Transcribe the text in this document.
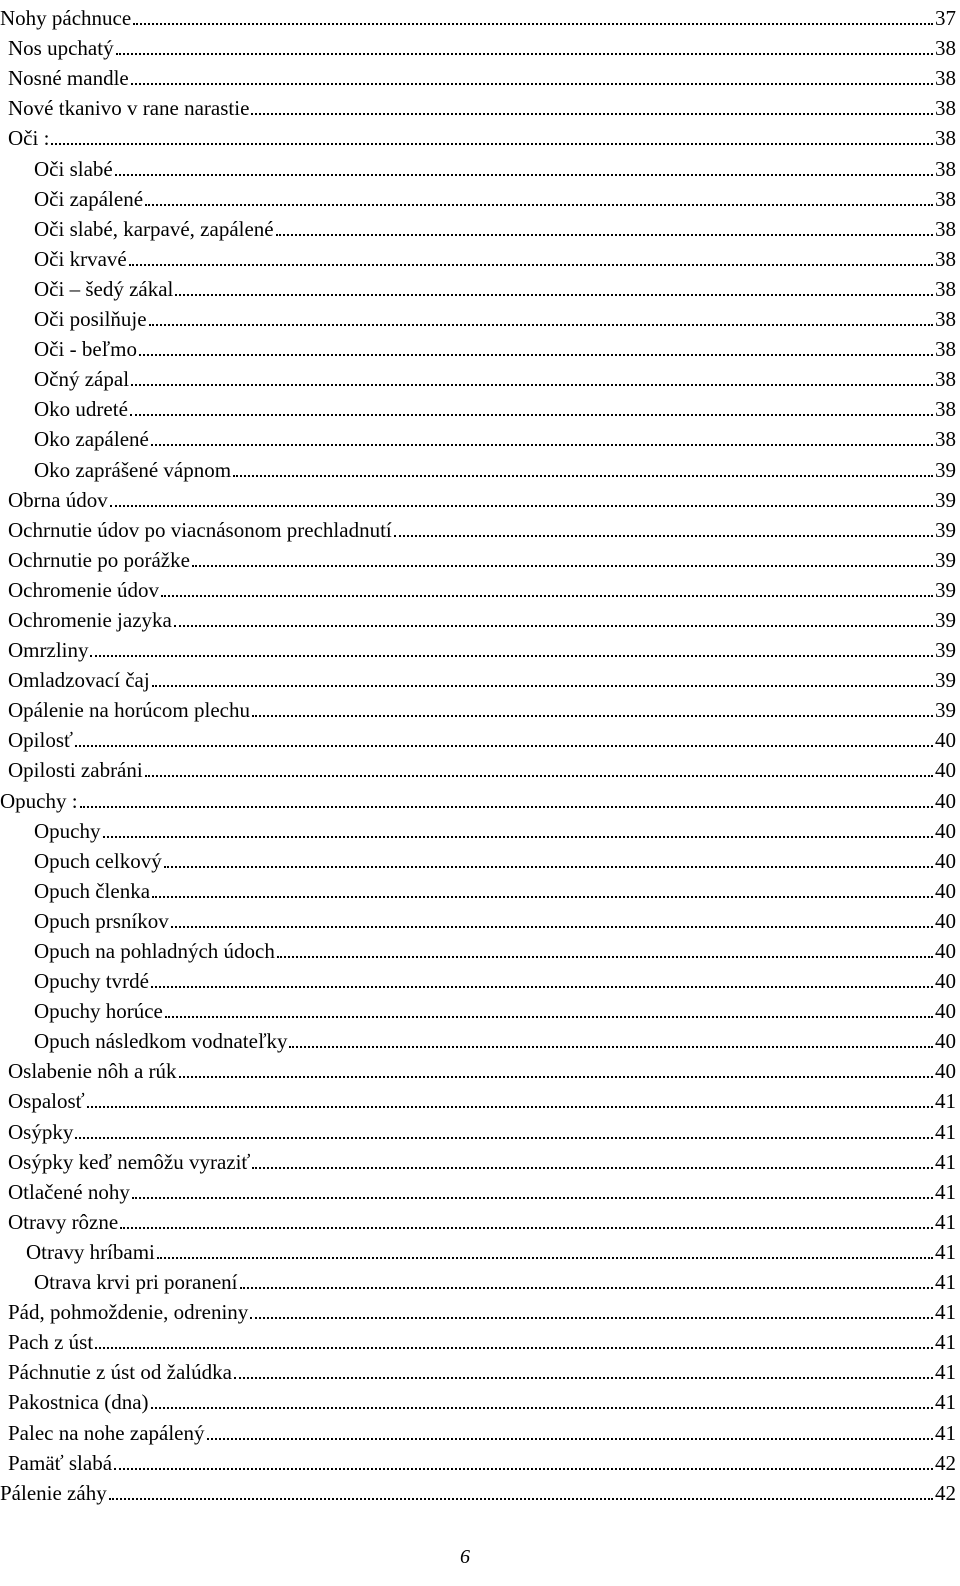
Nohy páchnuce	37
Nos upchatý	38
Nosné mandle	38
Nové tkanivo v rane narastie	38
Oči :	38
Oči slabé	38
Oči zapálené	38
Oči slabé, karpavé, zapálené	38
Oči krvavé	38
Oči – šedý zákal	38
Oči posilňuje	38
Oči - beľmo	38
Očný zápal	38
Oko udreté	38
Oko zapálené	38
Oko zaprášené vápnom	39
Obrna údov	39
Ochrnutie údov po viacnásonom prechladnutí	39
Ochrnutie po porážke	39
Ochromenie údov	39
Ochromenie jazyka	39
Omrzliny	39
Omladzovací čaj	39
Opálenie na horúcom plechu	39
Opilosť	40
Opilosti zabráni	40
Opuchy :	40
Opuchy	40
Opuch celkový	40
Opuch členka	40
Opuch prsníkov	40
Opuch na pohladných údoch	40
Opuchy tvrdé	40
Opuchy horúce	40
Opuch následkom vodnateľky	40
Oslabenie nôh a rúk	40
Ospalosť	41
Osýpky	41
Osýpky keď nemôžu vyraziť	41
Otlačené nohy	41
Otravy rôzne	41
Otravy hríbami	41
Otrava krvi pri poranení	41
Pád, pohmoždenie, odreniny	41
Pach z úst	41
Páchnutie z úst od žalúdka	41
Pakostnica (dna)	41
Palec na nohe zapálený	41
Pamäť slabá	42
Pálenie záhy	42
6
